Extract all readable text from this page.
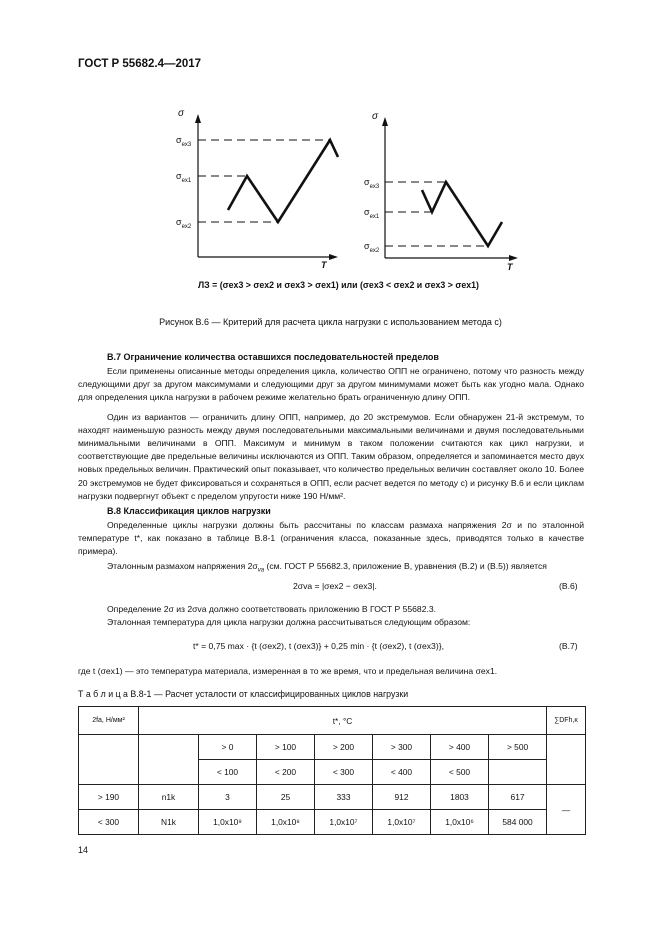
ГОСТ Р 55682.4—2017
σ
$\sigma_{ex3}$
$\sigma_{ex1}$
$\sigma_{ex2}$
T
σ
$\sigma_{ex3}$
$\sigma_{ex1}$
$\sigma_{ex2}$
T
ЛЗ = (σex3 > σex2 и σex3 > σex1) или (σex3 < σex2 и σex3 > σex1)
Рисунок В.6 — Критерий для расчета цикла нагрузки с использованием метода с)
В.7 Ограничение количества оставшихся последовательностей пределов

Если применены описанные методы определения цикла, количество ОПП не ограничено, потому что разность между следующими друг за другом максимумами и следующими друг за другом минимумами может быть как угодно мала. Однако для определения цикла нагрузки в рабочем режиме желательно брать ограниченную длину ОПП.

Один из вариантов — ограничить длину ОПП, например, до 20 экстремумов. Если обнаружен 21-й экстремум, то находят наименьшую разность между двумя последовательными максимальными величинами и двумя последовательными минимальными величинами в ОПП. Максимум и минимум в таком положении считаются как цикл нагрузки, и соответствующие две предельные величины исключаются из ОПП. Таким образом, определяется и запоминается место двух новых предельных величин. Практический опыт показывает, что количество предельных величин составляет около 10. Более 20 экстремумов не будет фиксироваться и сохраняться в ОПП, если расчет ведется по методу с) и рисунку В.6 и если циклам нагрузки подвергнут объект с пределом упругости ниже 190 Н/мм².

В.8 Классификация циклов нагрузки

Определенные циклы нагрузки должны быть рассчитаны по классам размаха напряжения 2σ и по эталонной температуре t*, как показано в таблице В.8-1 (ограничения класса, показанные здесь, приводятся только в качестве примера).

Эталонным размахом напряжения $2\sigma_{va}$ (см. ГОСТ Р 55682.3, приложение В, уравнения (В.2) и (В.5)) является

2σva = |σex2 − σex3|.	(В.6)

Определение 2σ из 2σva должно соответствовать приложению В ГОСТ Р 55682.3.

Эталонная температура для цикла нагрузки должна рассчитываться следующим образом:

t* = 0,75 max · {t (σex2), t (σex3)} + 0,25 min · {t (σex2), t (σex3)},	(В.7)
где t (σex1) — это температура материала, измеренная в то же время, что и предельная величина σex1.
Т а б л и ц а В.8-1 — Расчет усталости от классифицированных циклов нагрузки
2fa, Н/мм²	t*, °C							∑DFh,κ
		> 0	> 100	> 200	> 300	> 400	> 500	
		< 100	< 200	< 300	< 400	< 500		
> 190	n1k	3	25	333	912	1803	617	—
< 300	N1k	1,0x10⁹	1,0x10⁸	1,0x10⁷	1,0x10⁷	1,0x10⁶	584 000	
14
